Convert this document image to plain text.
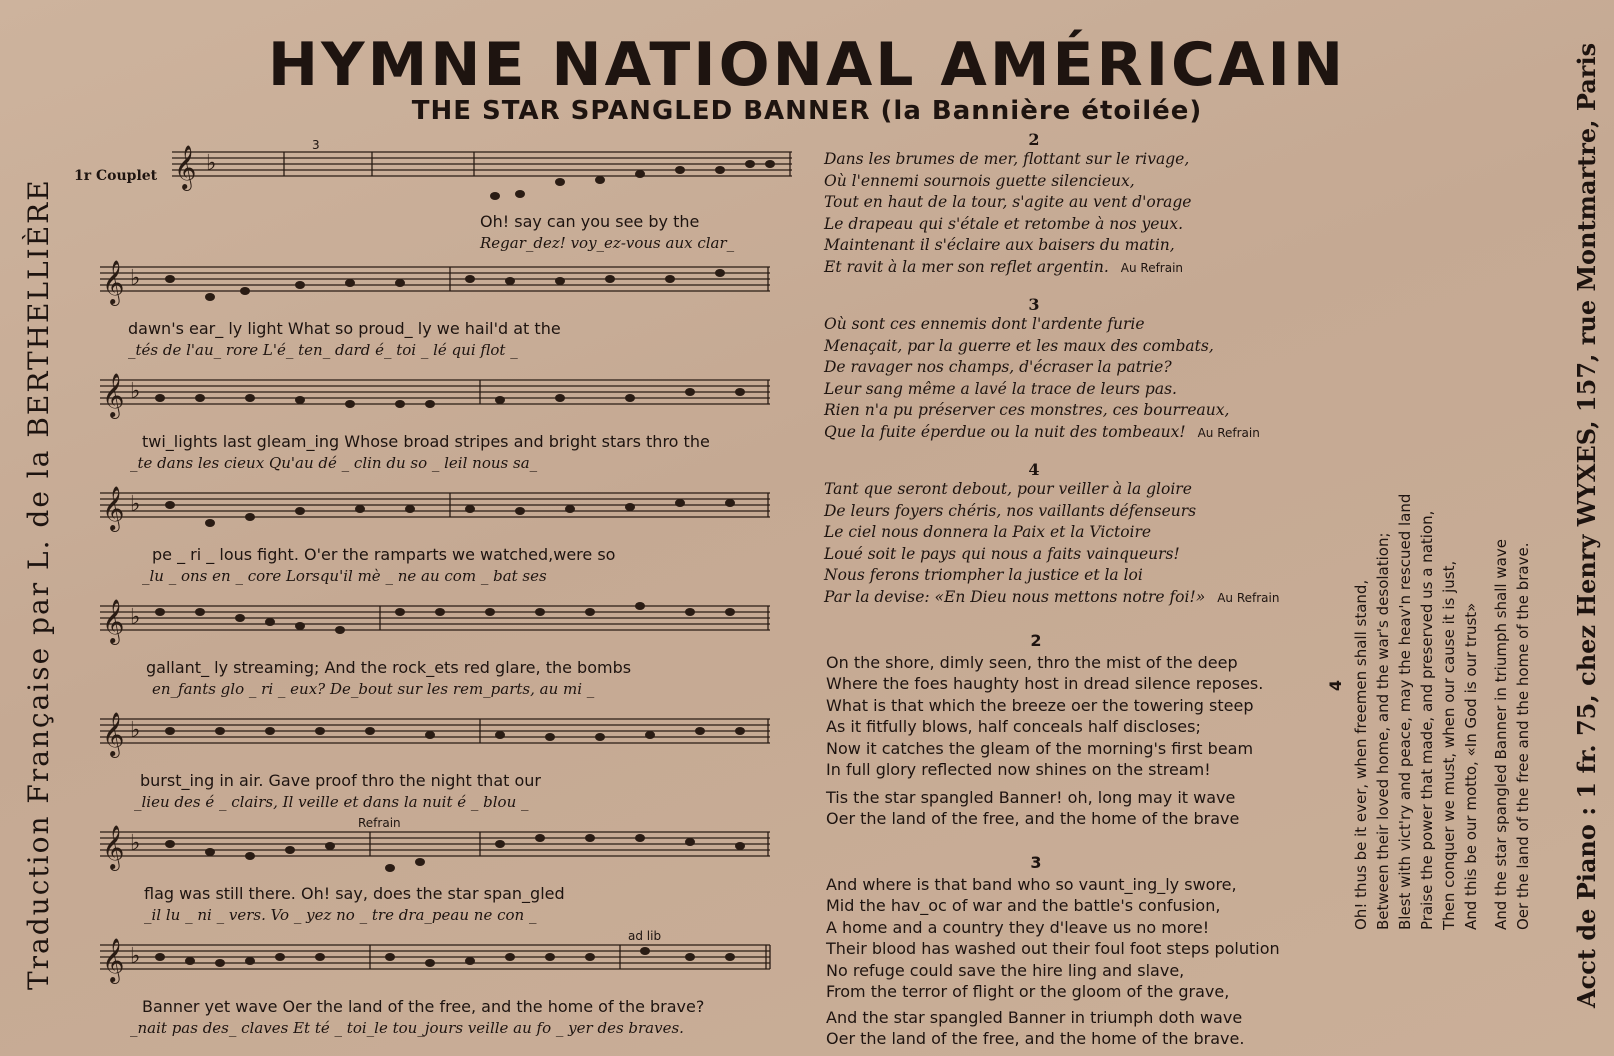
HYMNE NATIONAL AMÉRICAIN
THE STAR SPANGLED BANNER (la Bannière étoilée)
Traduction Française par L. de la BERTHELLIÈRE	Acct de Piano : 1 fr. 75, chez Henry WYXES, 157, rue Montmartre, Paris
1r Couplet 𝄞 ♭
3
Oh! say can you see by the
Regar_dez! voy_ez-vous aux clar_
𝄞 ♭
dawn's ear_ ly light What so proud_ ly we hail'd at the
_tés de l'au_ rore L'é_ ten_ dard é_ toi _ lé qui flot _
𝄞 ♭
twi_lights last gleam_ing Whose broad stripes and bright stars thro the
_te dans les cieux Qu'au dé _ clin du so _ leil nous sa_
𝄞 ♭
pe _ ri _ lous fight. O'er the ramparts we watched,were so
_lu _ ons en _ core Lorsqu'il mè _ ne au com _ bat ses
𝄞 ♭
gallant_ ly streaming; And the rock_ets red glare, the bombs
en_fants glo _ ri _ eux? De_bout sur les rem_parts, au mi _
𝄞 ♭
burst_ing in air. Gave proof thro the night that our
_lieu des é _ clairs, Il veille et dans la nuit é _ blou _
𝄞 ♭
Refrain
flag was still there. Oh! say, does the star span_gled
_il lu _ ni _ vers. Vo _ yez no _ tre dra_peau ne con _
𝄞 ♭
ad lib
Banner yet wave Oer the land of the free, and the home of the brave?
_nait pas des_ claves Et té _ toi_le tou_jours veille au fo _ yer des braves.

2

Dans les brumes de mer, flottant sur le rivage,

Où l'ennemi sournois guette silencieux,

Tout en haut de la tour, s'agite au vent d'orage

Le drapeau qui s'étale et retombe à nos yeux.

Maintenant il s'éclaire aux baisers du matin,

Et ravit à la mer son reflet argentin. Au Refrain

3

Où sont ces ennemis dont l'ardente furie

Menaçait, par la guerre et les maux des combats,

De ravager nos champs, d'écraser la patrie?

Leur sang même a lavé la trace de leurs pas.

Rien n'a pu préserver ces monstres, ces bourreaux,

Que la fuite éperdue ou la nuit des tombeaux! Au Refrain

4

Tant que seront debout, pour veiller à la gloire

De leurs foyers chéris, nos vaillants défenseurs

Le ciel nous donnera la Paix et la Victoire

Loué soit le pays qui nous a faits vainqueurs!

Nous ferons triompher la justice et la loi

Par la devise: «En Dieu nous mettons notre foi!» Au Refrain

2

On the shore, dimly seen, thro the mist of the deep

Where the foes haughty host in dread silence reposes.

What is that which the breeze oer the towering steep

As it fitfully blows, half conceals half discloses;

Now it catches the gleam of the morning's first beam

In full glory reflected now shines on the stream!

Tis the star spangled Banner! oh, long may it wave

Oer the land of the free, and the home of the brave

3

And where is that band who so vaunt_ing_ly swore,

Mid the hav_oc of war and the battle's confusion,

A home and a country they d'leave us no more!

Their blood has washed out their foul foot steps polution

No refuge could save the hire ling and slave,

From the terror of flight or the gloom of the grave,

And the star spangled Banner in triumph doth wave

Oer the land of the free, and the home of the brave.

Oh! thus be it ever, when freemen shall stand, Between their loved home, and the war's desolation; Blest with vict'ry and peace, may the heav'n rescued land Praise the power that made, and preserved us a nation, Then conquer we must, when our cause it is just, And this be our motto, «In God is our trust» And the star spangled Banner in triumph shall wave Oer the land of the free and the home of the brave.

4
